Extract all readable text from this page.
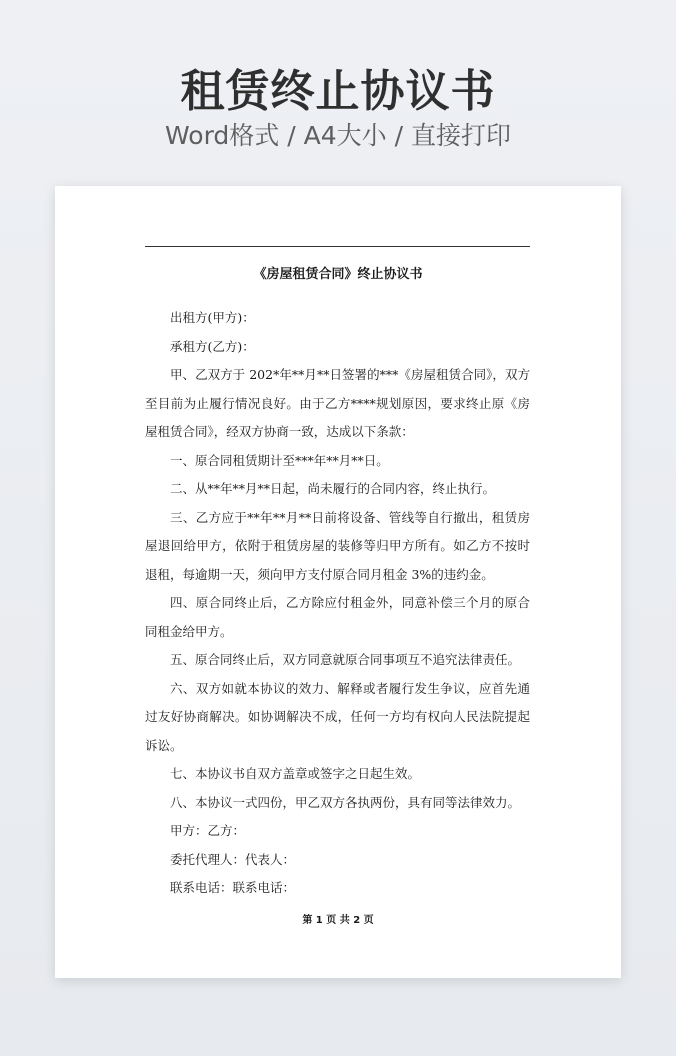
租赁终止协议书
Word格式 / A4大小 / 直接打印
《房屋租赁合同》终止协议书

出租方(甲方)：

承租方(乙方)：

甲、乙双方于 202*年**月**日签署的***《房屋租赁合同》，双方至目前为止履行情况良好。由于乙方****规划原因，要求终止原《房屋租赁合同》，经双方协商一致，达成以下条款：

一、原合同租赁期计至***年**月**日。

二、从**年**月**日起，尚未履行的合同内容，终止执行。

三、乙方应于**年**月**日前将设备、管线等自行撤出，租赁房屋退回给甲方，依附于租赁房屋的装修等归甲方所有。如乙方不按时退租，每逾期一天，须向甲方支付原合同月租金 3%的违约金。

四、原合同终止后，乙方除应付租金外，同意补偿三个月的原合同租金给甲方。

五、原合同终止后，双方同意就原合同事项互不追究法律责任。

六、双方如就本协议的效力、解释或者履行发生争议，应首先通过友好协商解决。如协调解决不成，任何一方均有权向人民法院提起诉讼。

七、本协议书自双方盖章或签字之日起生效。

八、本协议一式四份，甲乙双方各执两份，具有同等法律效力。

甲方：乙方：

委托代理人：代表人：

联系电话：联系电话：

第 1 页 共 2 页
